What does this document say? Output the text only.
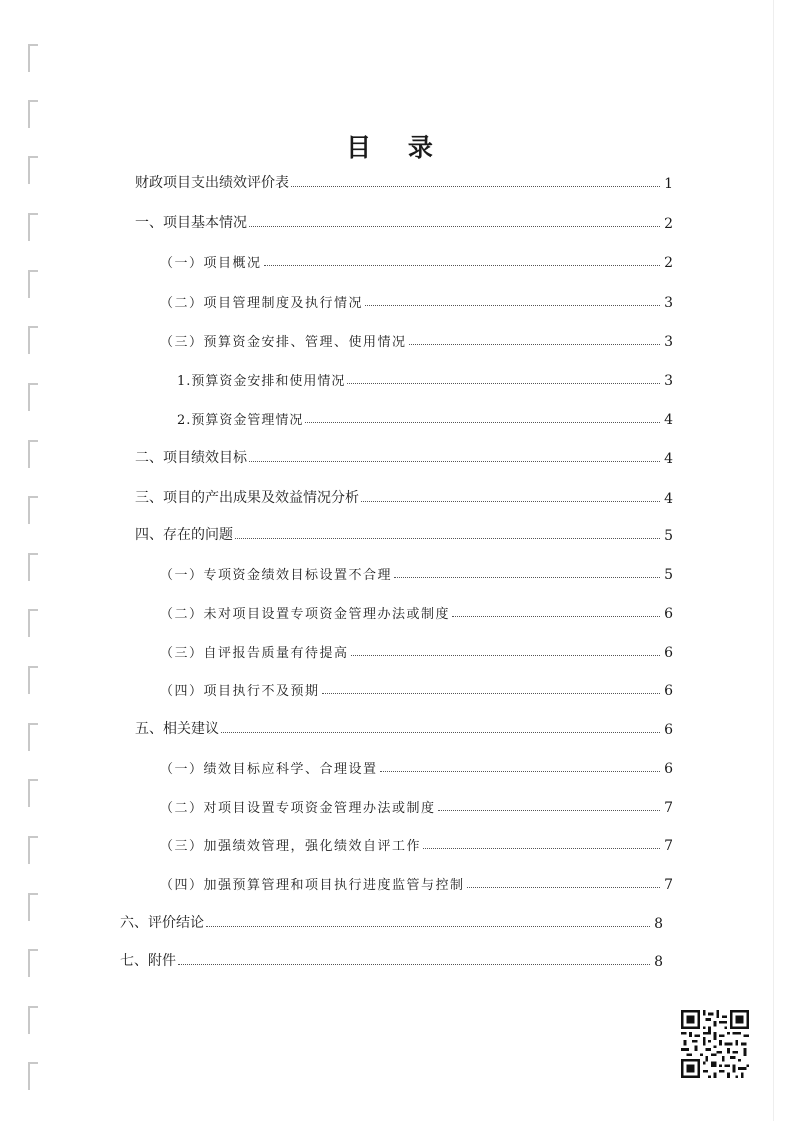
目 录
财政项目支出绩效评价表	1
一、项目基本情况	2
（一）项目概况	2
（二）项目管理制度及执行情况	3
（三）预算资金安排、管理、使用情况	3
1.预算资金安排和使用情况	3
2.预算资金管理情况	4
二、项目绩效目标	4
三、项目的产出成果及效益情况分析	4
四、存在的问题	5
（一）专项资金绩效目标设置不合理	5
（二）未对项目设置专项资金管理办法或制度	6
（三）自评报告质量有待提高	6
（四）项目执行不及预期	6
五、相关建议	6
（一）绩效目标应科学、合理设置	6
（二）对项目设置专项资金管理办法或制度	7
（三）加强绩效管理，强化绩效自评工作	7
（四）加强预算管理和项目执行进度监管与控制	7
六、评价结论	8
七、附件	8
